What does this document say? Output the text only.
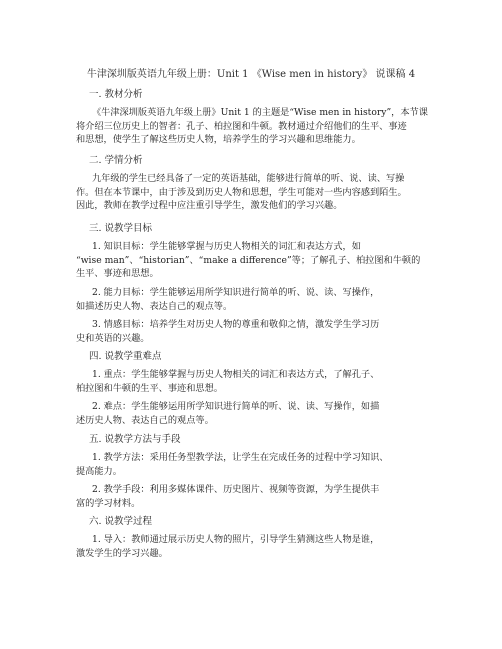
牛津深圳版英语九年级上册：Unit 1 《Wise men in history》 说课稿 4
一. 教材分析
《牛津深圳版英语九年级上册》Unit 1 的主题是“Wise men in history”，本节课
将介绍三位历史上的智者：孔子、柏拉图和牛顿。教材通过介绍他们的生平、事迹
和思想，使学生了解这些历史人物，培养学生的学习兴趣和思维能力。
二. 学情分析
九年级的学生已经具备了一定的英语基础，能够进行简单的听、说、读、写操
作。但在本节课中，由于涉及到历史人物和思想，学生可能对一些内容感到陌生。
因此，教师在教学过程中应注重引导学生，激发他们的学习兴趣。
三. 说教学目标
1. 知识目标：学生能够掌握与历史人物相关的词汇和表达方式，如
“wise man”、“historian”、“make a difference”等；了解孔子、柏拉图和牛顿的
生平、事迹和思想。
2. 能力目标：学生能够运用所学知识进行简单的听、说、读、写操作，
如描述历史人物、表达自己的观点等。
3. 情感目标：培养学生对历史人物的尊重和敬仰之情，激发学生学习历
史和英语的兴趣。
四. 说教学重难点
1. 重点：学生能够掌握与历史人物相关的词汇和表达方式，了解孔子、
柏拉图和牛顿的生平、事迹和思想。
2. 难点：学生能够运用所学知识进行简单的听、说、读、写操作，如描
述历史人物、表达自己的观点等。
五. 说教学方法与手段
1. 教学方法：采用任务型教学法，让学生在完成任务的过程中学习知识、
提高能力。
2. 教学手段：利用多媒体课件、历史图片、视频等资源，为学生提供丰
富的学习材料。
六. 说教学过程
1. 导入：教师通过展示历史人物的照片，引导学生猜测这些人物是谁，
激发学生的学习兴趣。
